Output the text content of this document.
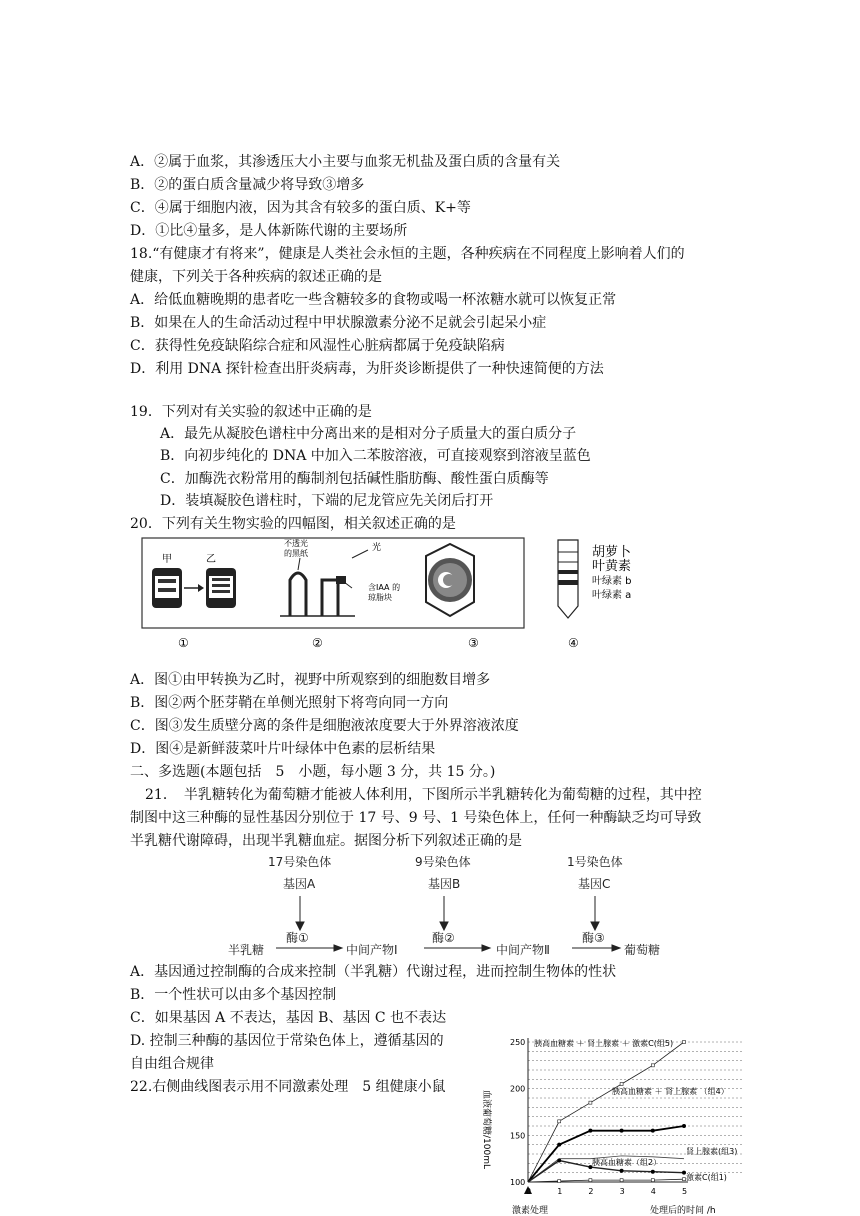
A．②属于血浆，其渗透压大小主要与血浆无机盐及蛋白质的含量有关
B．②的蛋白质含量减少将导致③增多
C．④属于细胞内液，因为其含有较多的蛋白质、K+等
D．①比④量多，是人体新陈代谢的主要场所
18.“有健康才有将来”，健康是人类社会永恒的主题，各种疾病在不同程度上影响着人们的
健康，下列关于各种疾病的叙述正确的是
A．给低血糖晚期的患者吃一些含糖较多的食物或喝一杯浓糖水就可以恢复正常
B．如果在人的生命活动过程中甲状腺激素分泌不足就会引起呆小症
C．获得性免疫缺陷综合症和风湿性心脏病都属于免疫缺陷病
D．利用 DNA 探针检查出肝炎病毒，为肝炎诊断提供了一种快速简便的方法
19．下列对有关实验的叙述中正确的是
A．最先从凝胶色谱柱中分离出来的是相对分子质量大的蛋白质分子
B．向初步纯化的 DNA 中加入二苯胺溶液，可直接观察到溶液呈蓝色
C．加酶洗衣粉常用的酶制剂包括碱性脂肪酶、酸性蛋白质酶等
D．装填凝胶色谱柱时，下端的尼龙管应先关闭后打开
20．下列有关生物实验的四幅图，相关叙述正确的是
甲	乙
不透光
的黑纸
光
含IAA 的
琼脂块
胡萝卜
叶黄素
叶绿素 b
叶绿素 a
①	②	③	④
A．图①由甲转换为乙时，视野中所观察到的细胞数目增多
B．图②两个胚芽鞘在单侧光照射下将弯向同一方向
C．图③发生质壁分离的条件是细胞液浓度要大于外界溶液浓度
D．图④是新鲜菠菜叶片叶绿体中色素的层析结果
二、多选题(本题包括　5　小题，每小题 3 分，共 15 分。)
21．　半乳糖转化为葡萄糖才能被人体利用，下图所示半乳糖转化为葡萄糖的过程，其中控
制图中这三种酶的显性基因分别位于 17 号、9 号、1 号染色体上，任何一种酶缺乏均可导致
半乳糖代谢障碍，出现半乳糖血症。据图分析下列叙述正确的是
17号染色体	9号染色体	1号染色体
基因A	基因B	基因C
酶①	酶②	酶③
半乳糖	中间产物Ⅰ	中间产物Ⅱ	葡萄糖
A．基因通过控制酶的合成来控制（半乳糖）代谢过程，进而控制生物体的性状
B．一个性状可以由多个基因控制
C．如果基因 A 不表达，基因 B、基因 C 也不表达
D. 控制三种酶的基因位于常染色体上，遵循基因的
自由组合规律
22.右侧曲线图表示用不同激素处理　5 组健康小鼠
100
150
200
250
0	1	2	3	4	5
胰高血糖素 ＋ 肾上腺素 ＋ 激素C(组5)
胰高血糖素 ＋ 肾上腺素 （组4）
肾上腺素(组3)
胰高血糖素（组2）
激素C(组1)
血液葡萄糖/100mL
处理后的时间 /h
激素处理
